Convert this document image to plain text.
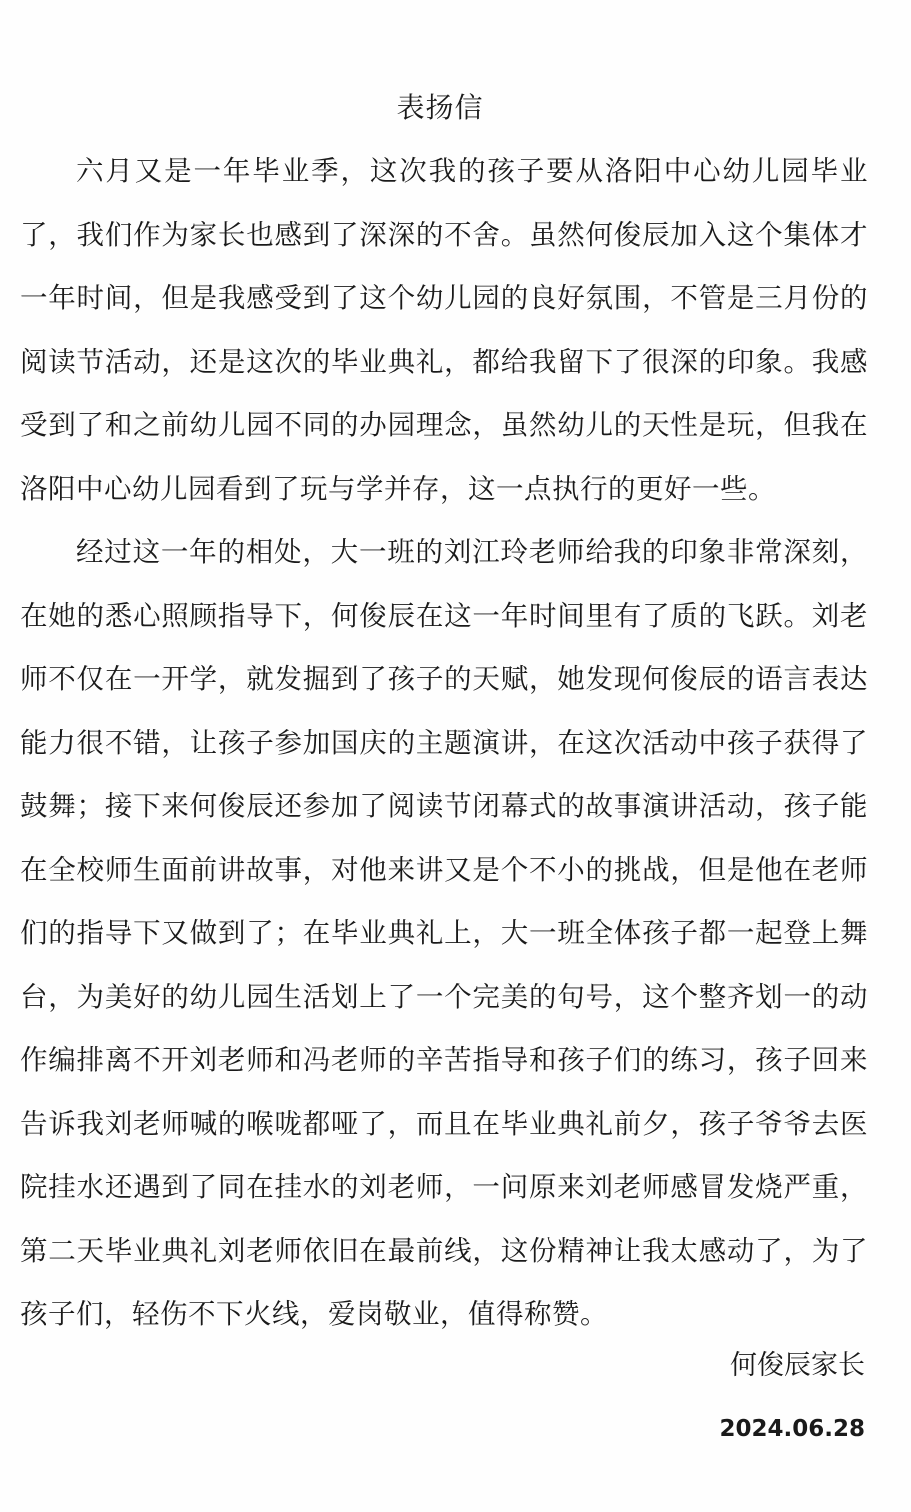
表扬信

六月又是一年毕业季，这次我的孩子要从洛阳中心幼儿园毕业了，我们作为家长也感到了深深的不舍。虽然何俊辰加入这个集体才一年时间，但是我感受到了这个幼儿园的良好氛围，不管是三月份的阅读节活动，还是这次的毕业典礼，都给我留下了很深的印象。我感受到了和之前幼儿园不同的办园理念，虽然幼儿的天性是玩，但我在洛阳中心幼儿园看到了玩与学并存，这一点执行的更好一些。

经过这一年的相处，大一班的刘江玲老师给我的印象非常深刻，在她的悉心照顾指导下，何俊辰在这一年时间里有了质的飞跃。刘老师不仅在一开学，就发掘到了孩子的天赋，她发现何俊辰的语言表达能力很不错，让孩子参加国庆的主题演讲，在这次活动中孩子获得了鼓舞；接下来何俊辰还参加了阅读节闭幕式的故事演讲活动，孩子能在全校师生面前讲故事，对他来讲又是个不小的挑战，但是他在老师们的指导下又做到了；在毕业典礼上，大一班全体孩子都一起登上舞台，为美好的幼儿园生活划上了一个完美的句号，这个整齐划一的动作编排离不开刘老师和冯老师的辛苦指导和孩子们的练习，孩子回来告诉我刘老师喊的喉咙都哑了，而且在毕业典礼前夕，孩子爷爷去医院挂水还遇到了同在挂水的刘老师，一问原来刘老师感冒发烧严重，第二天毕业典礼刘老师依旧在最前线，这份精神让我太感动了，为了孩子们，轻伤不下火线，爱岗敬业，值得称赞。

何俊辰家长
2024.06.28
